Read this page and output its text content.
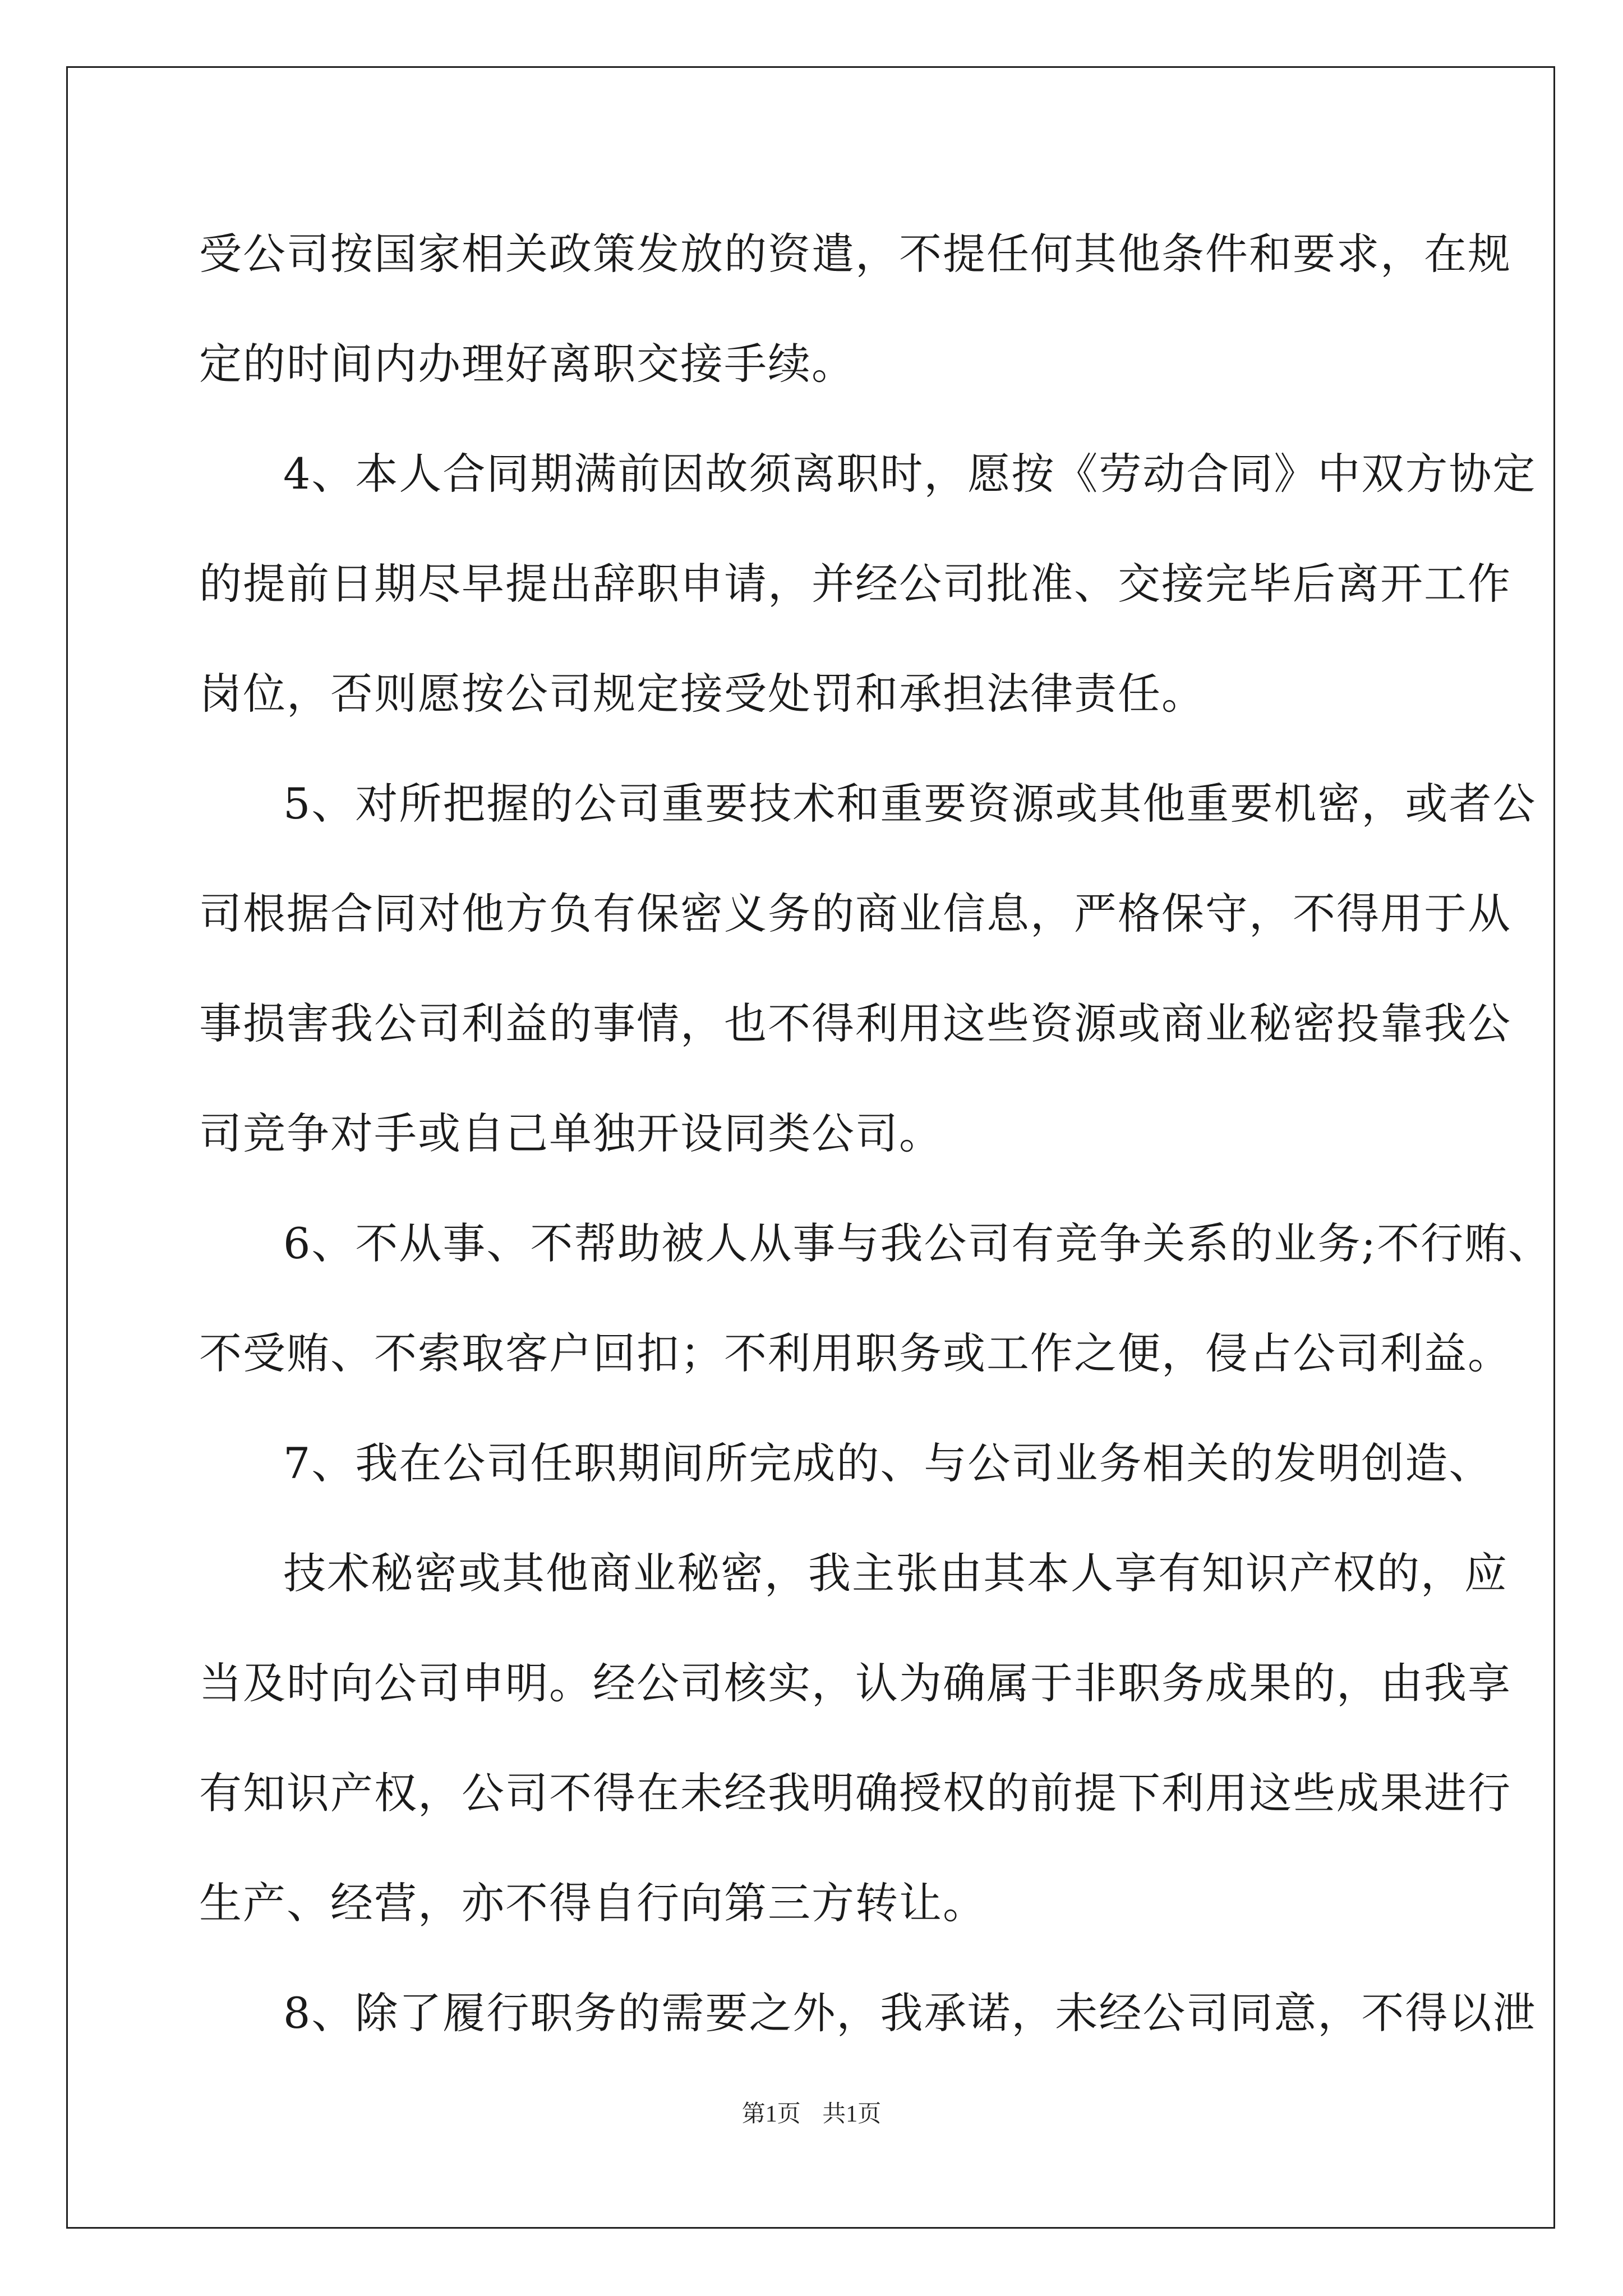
受公司按国家相关政策发放的资遣，不提任何其他条件和要求，在规
定的时间内办理好离职交接手续。
4、本人合同期满前因故须离职时，愿按《劳动合同》中双方协定
的提前日期尽早提出辞职申请，并经公司批准、交接完毕后离开工作
岗位，否则愿按公司规定接受处罚和承担法律责任。
5、对所把握的公司重要技术和重要资源或其他重要机密，或者公
司根据合同对他方负有保密义务的商业信息，严格保守，不得用于从
事损害我公司利益的事情，也不得利用这些资源或商业秘密投靠我公
司竞争对手或自己单独开设同类公司。
6、不从事、不帮助被人从事与我公司有竞争关系的业务;不行贿、
不受贿、不索取客户回扣；不利用职务或工作之便，侵占公司利益。
7、我在公司任职期间所完成的、与公司业务相关的发明创造、
技术秘密或其他商业秘密，我主张由其本人享有知识产权的，应
当及时向公司申明。经公司核实，认为确属于非职务成果的，由我享
有知识产权，公司不得在未经我明确授权的前提下利用这些成果进行
生产、经营，亦不得自行向第三方转让。
8、除了履行职务的需要之外，我承诺，未经公司同意，不得以泄
第1页 共1页
